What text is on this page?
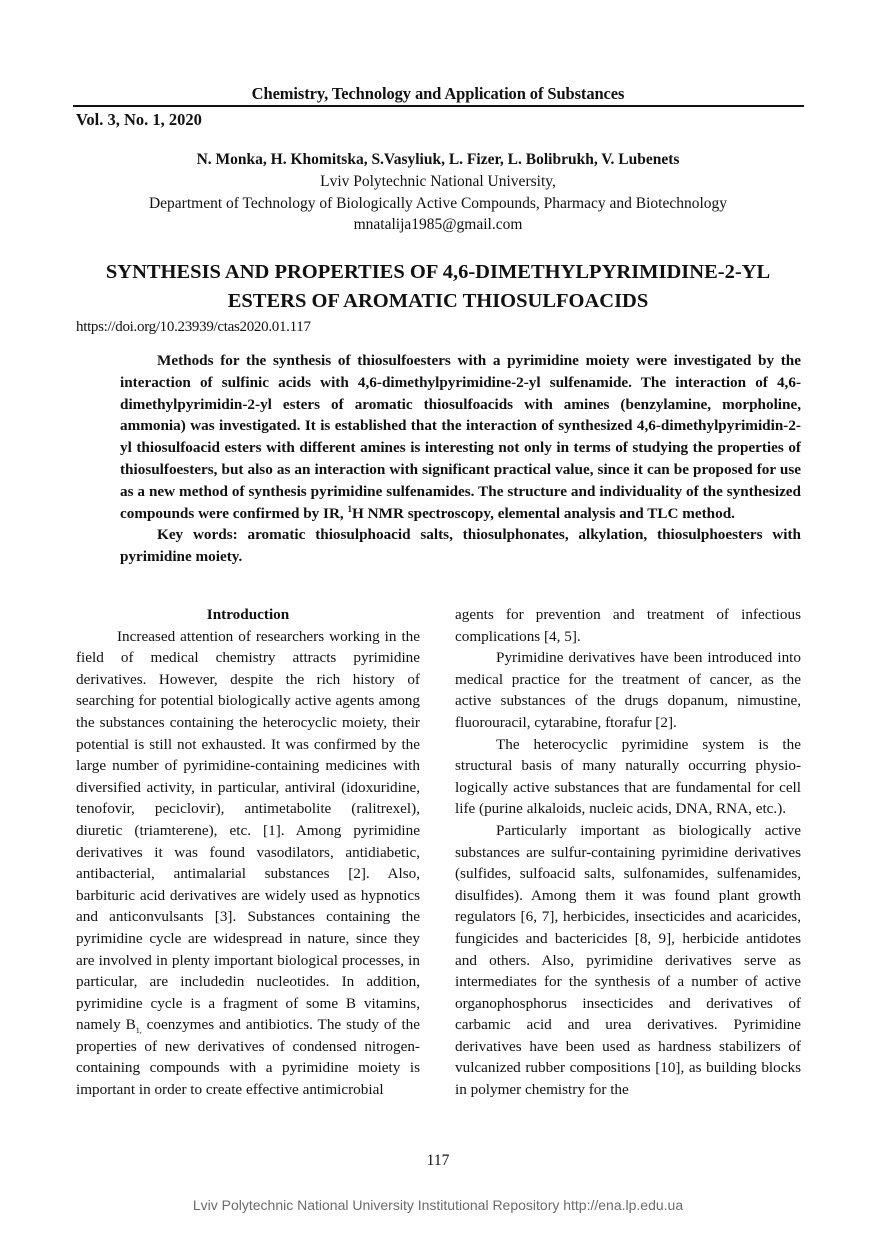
Chemistry, Technology and Application of Substances
Vol. 3, No. 1, 2020
N. Monka, H. Khomitska, S.Vasyliuk, L. Fizer, L. Bolibrukh, V. Lubenets
Lviv Polytechnic National University,
Department of Technology of Biologically Active Compounds, Pharmacy and Biotechnology
mnatalija1985@gmail.com
SYNTHESIS AND PROPERTIES OF 4,6-DIMETHYLPYRIMIDINE-2-YL
ESTERS OF AROMATIC THIOSULFOACIDS
https://doi.org/10.23939/ctas2020.01.117

Methods for the synthesis of thiosulfoesters with a pyrimidine moiety were investigated by the interaction of sulfinic acids with 4,6-dimethylpyrimidine-2-yl sulfenamide. The interaction of 4,6-dimethylpyrimidin-2-yl esters of aromatic thiosulfoacids with amines (benzylamine, morpholine, ammonia) was investigated. It is established that the interaction of synthesized 4,6-dimethylpyrimidin-2-yl thiosulfoacid esters with different amines is interesting not only in terms of studying the properties of thiosulfoesters, but also as an interaction with significant practical value, since it can be proposed for use as a new method of synthesis pyrimidine sulfenamides. The structure and individuality of the synthesized compounds were confirmed by IR, $^1$H NMR spectroscopy, elemental analysis and TLC method.

Key words: aromatic thiosulphoacid salts, thiosulphonates, alkylation, thiosulphoesters with pyrimidine moiety.

Introduction

Increased attention of researchers working in the field of medical chemistry attracts pyrimidine derivatives. However, despite the rich history of searching for potential biologically active agents among the substances containing the heterocyclic moiety, their potential is still not exhausted. It was confirmed by the large number of pyrimidine-containing medicines with diversified activity, in particular, antiviral (idoxuridine, tenofovir, peciclovir), antimetabolite (ralitrexel), diuretic (triamterene), etc. [1]. Among pyrimidine derivatives it was found vasodilators, antidiabetic, antibacterial, antimalarial substances [2]. Also, barbituric acid derivatives are widely used as hypnotics and anticonvulsants [3]. Substances containing the pyrimidine cycle are widespread in nature, since they are involved in plenty important biological processes, in particular, are includedin nucleotides. In addition, pyrimidine cycle is a fragment of some B vitamins, namely $B_{1,}$ coenzymes and antibiotics. The study of the properties of new derivatives of condensed nitrogen-containing compounds with a pyrimidine moiety is important in order to create effective antimicrobial

agents for prevention and treatment of infectious complications [4, 5].

Pyrimidine derivatives have been introduced into medical practice for the treatment of cancer, as the active substances of the drugs dopanum, nimustine, fluorouracil, cytarabine, ftorafur [2].

The heterocyclic pyrimidine system is the structural basis of many naturally occurring physiologically active substances that are fundamental for cell life (purine alkaloids, nucleic acids, DNA, RNA, etc.).

Particularly important as biologically active substances are sulfur-containing pyrimidine derivatives (sulfides, sulfoacid salts, sulfonamides, sulfenamides, disulfides). Among them it was found plant growth regulators [6, 7], herbicides, insecticides and acaricides, fungicides and bactericides [8, 9], herbicide antidotes and others. Also, pyrimidine derivatives serve as intermediates for the synthesis of a number of active organophosphorus insecticides and derivatives of carbamic acid and urea derivatives. Pyrimidine derivatives have been used as hardness stabilizers of vulcanized rubber compositions [10], as building blocks in polymer chemistry for the

117
Lviv Polytechnic National University Institutional Repository http://ena.lp.edu.ua
